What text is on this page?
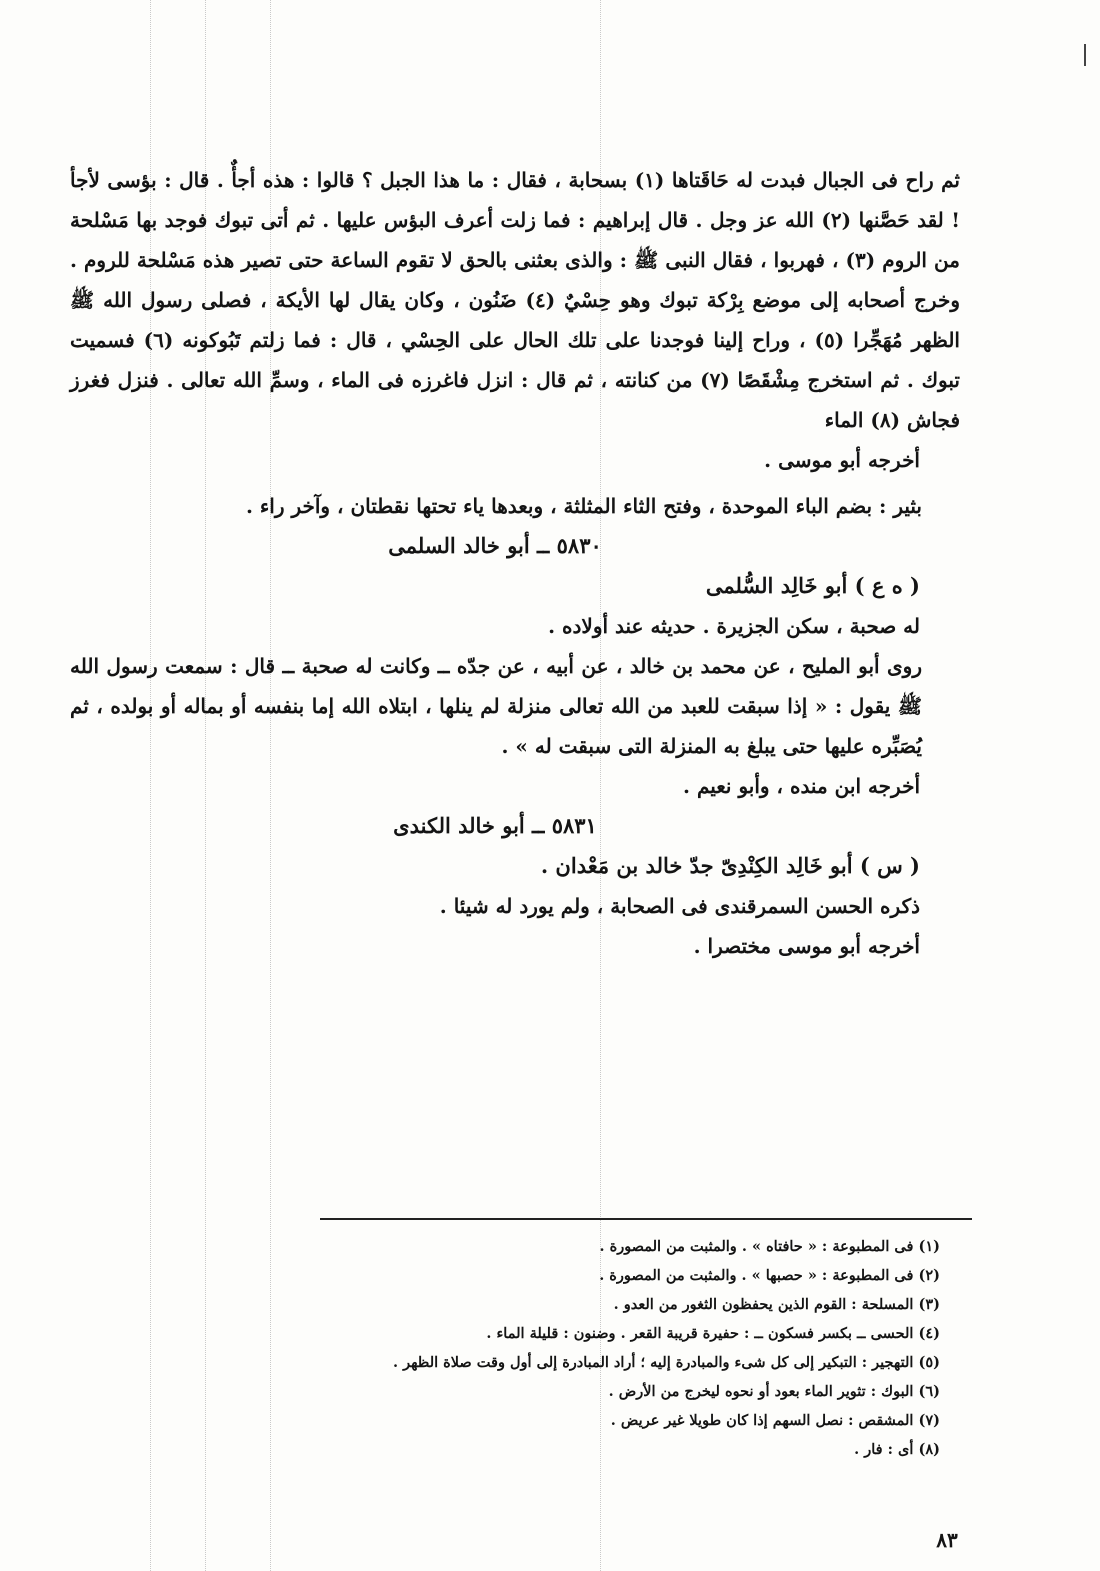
ثم راح فى الجبال فبدت له حَاقَتاها (١) بسحابة ، فقال : ما هذا الجبل ؟ قالوا : هذه أجأٌ . قال : بؤسى لأجأ ! لقد حَصَّنها (٢) الله عز وجل . قال إبراهيم : فما زلت أعرف البؤس عليها . ثم أتى تبوك فوجد بها مَسْلحة من الروم (٣) ، فهربوا ، فقال النبى ﷺ : والذى بعثنى بالحق لا تقوم الساعة حتى تصير هذه مَسْلحة للروم . وخرج أصحابه إلى موضع بِرْكة تبوك وهو حِسْيٌ (٤) ضَنُون ، وكان يقال لها الأيكة ، فصلى رسول الله ﷺ الظهر مُهَجِّرا (٥) ، وراح إلينا فوجدنا على تلك الحال على الحِسْي ، قال : فما زلتم تَبُوكونه (٦) فسميت تبوك . ثم استخرج مِشْقَصًا (٧) من كنانته ، ثم قال : انزل فاغرزه فى الماء ، وسمِّ الله تعالى . فنزل فغرز فجاش (٨) الماء

أخرجه أبو موسى .

بثير : بضم الباء الموحدة ، وفتح الثاء المثلثة ، وبعدها ياء تحتها نقطتان ، وآخر راء .

٥٨٣٠ ــ أبو خالد السلمى

( ه ع ) أبو خَالِد السُّلمى

له صحبة ، سكن الجزيرة . حديثه عند أولاده .

روى أبو المليح ، عن محمد بن خالد ، عن أبيه ، عن جدّه ــ وكانت له صحبة ــ قال : سمعت رسول الله ﷺ يقول : « إذا سبقت للعبد من الله تعالى منزلة لم ينلها ، ابتلاه الله إما بنفسه أو بماله أو بولده ، ثم يُصَبِّره عليها حتى يبلغ به المنزلة التى سبقت له » .

أخرجه ابن منده ، وأبو نعيم .

٥٨٣١ ــ أبو خالد الكندى

( س ) أبو خَالِد الكِنْدِىّ جدّ خالد بن مَعْدان .

ذكره الحسن السمرقندى فى الصحابة ، ولم يورد له شيئا .

أخرجه أبو موسى مختصرا .

(١) فى المطبوعة : « حافتاه » . والمثبت من المصورة .

(٢) فى المطبوعة : « حصبها » . والمثبت من المصورة .

(٣) المسلحة : القوم الذين يحفظون الثغور من العدو .

(٤) الحسى ــ بكسر فسكون ــ : حفيرة قريبة القعر . وضنون : قليلة الماء .

(٥) التهجير : التبكير إلى كل شىء والمبادرة إليه ؛ أراد المبادرة إلى أول وقت صلاة الظهر .

(٦) البوك : تثوير الماء بعود أو نحوه ليخرج من الأرض .

(٧) المشقص : نصل السهم إذا كان طويلا غير عريض .

(٨) أى : فار .

٨٣
